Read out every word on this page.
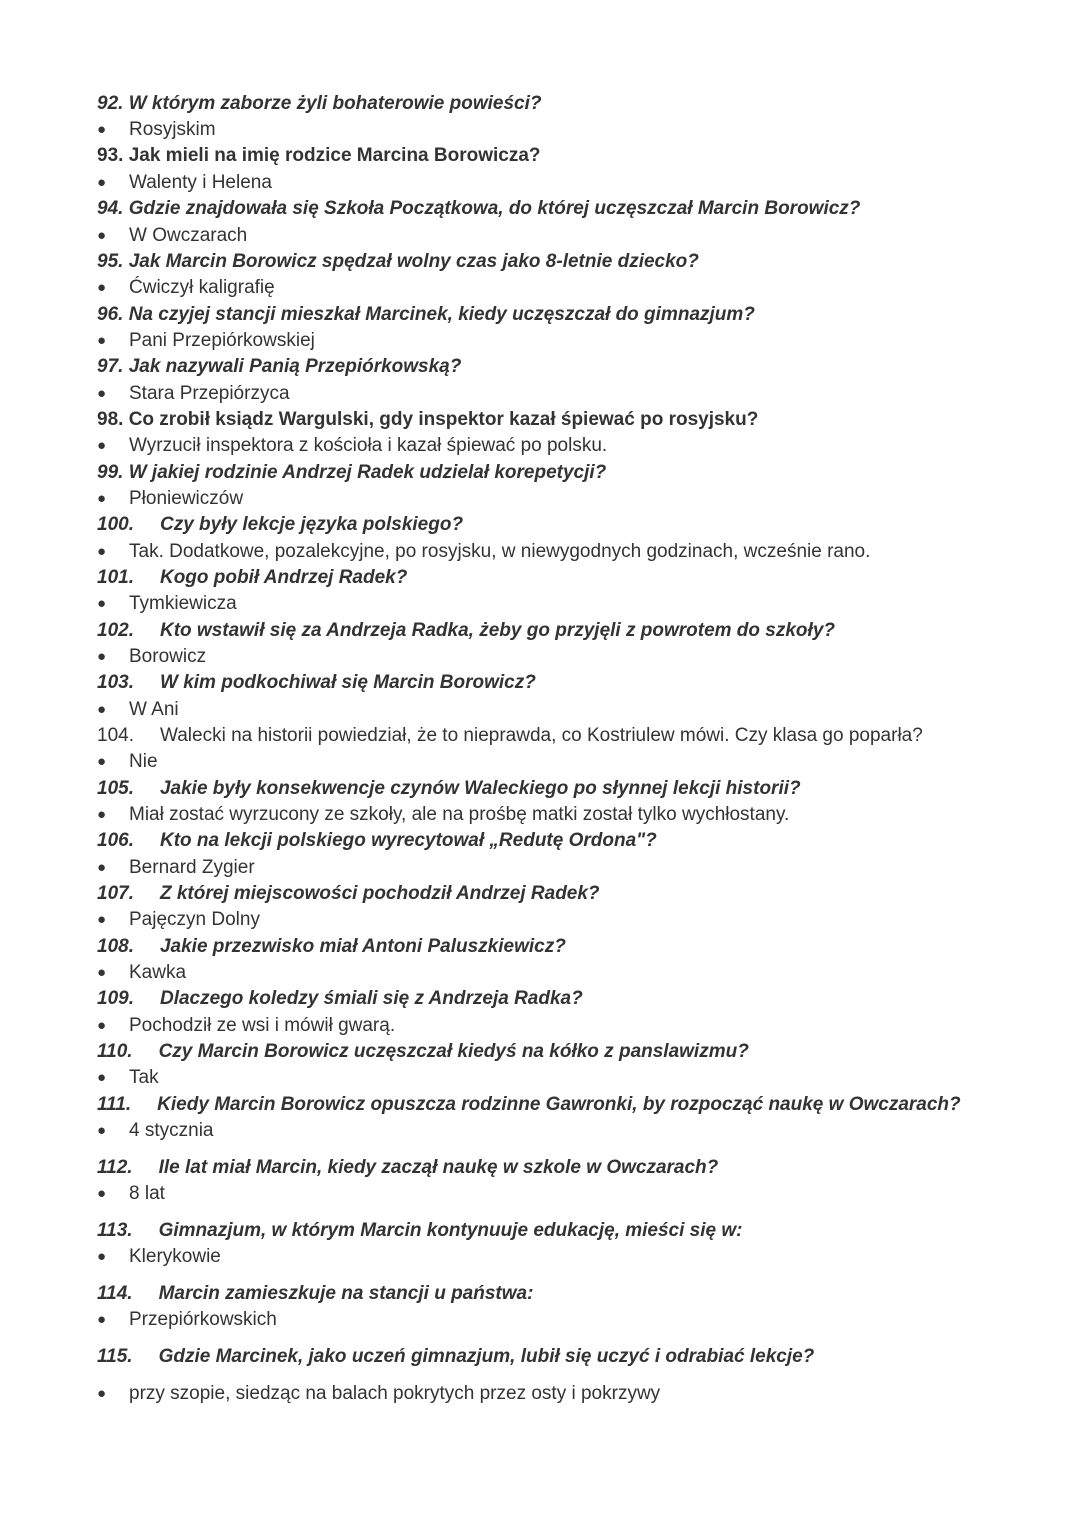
92. W którym zaborze żyli bohaterowie powieści?
● Rosyjskim
93. Jak mieli na imię rodzice Marcina Borowicza?
● Walenty i Helena
94. Gdzie znajdowała się Szkoła Początkowa, do której uczęszczał Marcin Borowicz?
● W Owczarach
95. Jak Marcin Borowicz spędzał wolny czas jako 8-letnie dziecko?
● Ćwiczył kaligrafię
96. Na czyjej stancji mieszkał Marcinek, kiedy uczęszczał do gimnazjum?
● Pani Przepiórkowskiej
97. Jak nazywali Panią Przepiórkowską?
● Stara Przepiórzyca
98. Co zrobił ksiądz Wargulski, gdy inspektor kazał śpiewać po rosyjsku?
● Wyrzucił inspektora z kościoła i kazał śpiewać po polsku.
99. W jakiej rodzinie Andrzej Radek udzielał korepetycji?
● Płoniewiczów
100. Czy były lekcje języka polskiego?
● Tak. Dodatkowe, pozalekcyjne, po rosyjsku, w niewygodnych godzinach, wcześnie rano.
101. Kogo pobił Andrzej Radek?
● Tymkiewicza
102. Kto wstawił się za Andrzeja Radka, żeby go przyjęli z powrotem do szkoły?
● Borowicz
103. W kim podkochiwał się Marcin Borowicz?
● W Ani
104. Walecki na historii powiedział, że to nieprawda, co Kostriulew mówi. Czy klasa go poparła?
● Nie
105. Jakie były konsekwencje czynów Waleckiego po słynnej lekcji historii?
● Miał zostać wyrzucony ze szkoły, ale na prośbę matki został tylko wychłostany.
106. Kto na lekcji polskiego wyrecytował „Redutę Ordona"?
● Bernard Zygier
107. Z której miejscowości pochodził Andrzej Radek?
● Pajęczyn Dolny
108. Jakie przezwisko miał Antoni Paluszkiewicz?
● Kawka
109. Dlaczego koledzy śmiali się z Andrzeja Radka?
● Pochodził ze wsi i mówił gwarą.
110. Czy Marcin Borowicz uczęszczał kiedyś na kółko z panslawizmu?
● Tak
111. Kiedy Marcin Borowicz opuszcza rodzinne Gawronki, by rozpocząć naukę w Owczarach?
● 4 stycznia
112. Ile lat miał Marcin, kiedy zaczął naukę w szkole w Owczarach?
● 8 lat
113. Gimnazjum, w którym Marcin kontynuuje edukację, mieści się w:
● Klerykowie
114. Marcin zamieszkuje na stancji u państwa:
● Przepiórkowskich
115. Gdzie Marcinek, jako uczeń gimnazjum, lubił się uczyć i odrabiać lekcje?
● przy szopie, siedząc na balach pokrytych przez osty i pokrzywy
